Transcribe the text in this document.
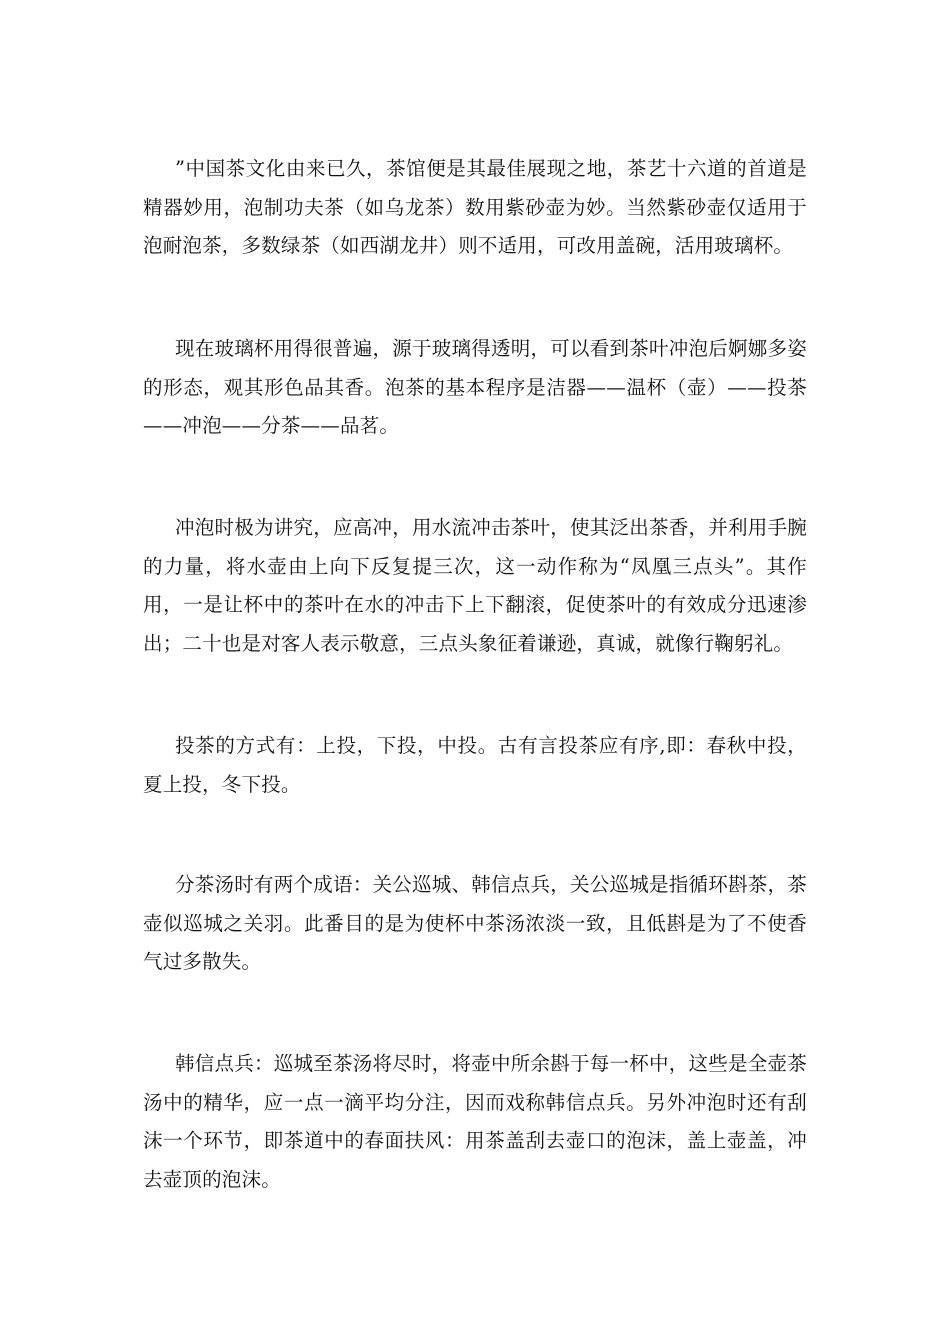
”中国茶文化由来已久，茶馆便是其最佳展现之地，茶艺十六道的首道是精器妙用，泡制功夫茶（如乌龙茶）数用紫砂壶为妙。当然紫砂壶仅适用于泡耐泡茶，多数绿茶（如西湖龙井）则不适用，可改用盖碗，活用玻璃杯。

现在玻璃杯用得很普遍，源于玻璃得透明，可以看到茶叶冲泡后婀娜多姿的形态，观其形色品其香。泡茶的基本程序是洁器——温杯（壶）——投茶——冲泡——分茶——品茗。

冲泡时极为讲究，应高冲，用水流冲击茶叶，使其泛出茶香，并利用手腕的力量，将水壶由上向下反复提三次，这一动作称为“凤凰三点头”。其作用，一是让杯中的茶叶在水的冲击下上下翻滚，促使茶叶的有效成分迅速渗出；二十也是对客人表示敬意，三点头象征着谦逊，真诚，就像行鞠躬礼。

投茶的方式有：上投，下投，中投。古有言投茶应有序,即：春秋中投，夏上投，冬下投。

分茶汤时有两个成语：关公巡城、韩信点兵，关公巡城是指循环斟茶，茶壶似巡城之关羽。此番目的是为使杯中茶汤浓淡一致，且低斟是为了不使香气过多散失。

韩信点兵：巡城至茶汤将尽时，将壶中所余斟于每一杯中，这些是全壶茶汤中的精华，应一点一滴平均分注，因而戏称韩信点兵。另外冲泡时还有刮沫一个环节，即茶道中的春面扶风：用茶盖刮去壶口的泡沫，盖上壶盖，冲去壶顶的泡沫。
